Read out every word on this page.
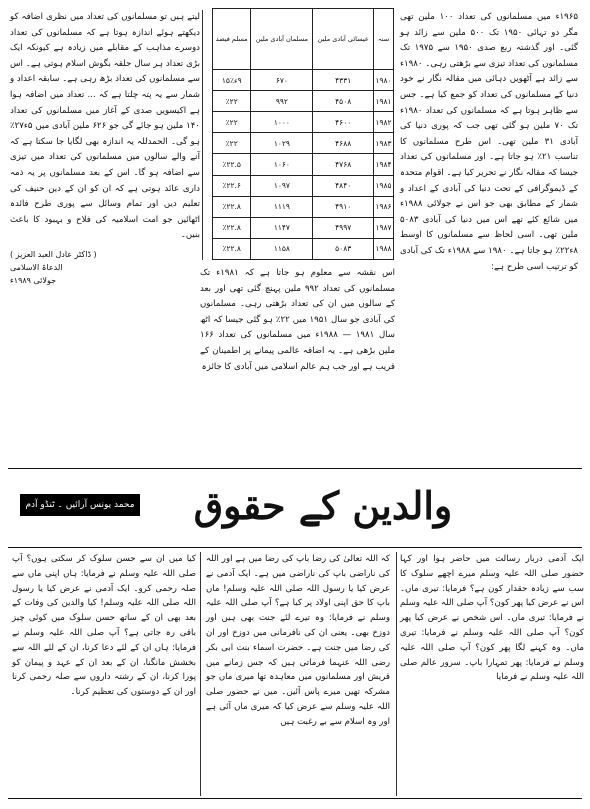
سنہ	عیسائی آبادی ملین	مسلمان آبادی ملین	مسلم فیصد
۱۹۸۰	۴۳۳۱	۶۷۰	۹ء٪۱۵
۱۹۸۱	۴۵۰۸	۹۹۲	٪۲۲
۱۹۸۲	۴۶۰۰	۱۰۰۰	٪۲۲
۱۹۸۳	۴۶۸۸	۱۰۲۹	٪۲۲
۱۹۸۴	۴۷۶۸	۱۰۶۰	٪۲۲.۵
۱۹۸۵	۴۸۴۰	۱۰۹۷	٪۲۲.۶
۱۹۸۶	۴۹۱۰	۱۱۱۹	٪۲۲.۸
۱۹۸۷	۴۹۹۷	۱۱۴۷	٪۲۲.۸
۱۹۸۸	۵۰۸۳	۱۱۵۸	٪۲۲.۸

۱۹۶۵ء میں مسلمانوں کی تعداد ۱۰۰ ملین تھی مگر دو تہائی ۱۹۵۰ تک ۵۰۰ ملین سے زائد ہو گئی۔ اور گذشتہ ربع صدی ۱۹۵۰ سے ۱۹۷۵ تک مسلمانوں کی تعداد تیزی سے بڑھتی رہی۔ ۱۹۸۰ء سے زائد ہے آٹھویں دہائی میں مقالہ نگار نے خود دنیا کے مسلمانوں کی تعداد کو جمع کیا ہے۔ جس سے ظاہر ہوتا ہے کہ مسلمانوں کی تعداد ۱۹۸۰ء تک ۷۰ ملین ہو گئی تھی جب کہ پوری دنیا کی آبادی ۳۱ ملین تھی۔ اس طرح مسلمانوں کا تناسب ۲۱٪ ہو جاتا ہے۔ اور مسلمانوں کی تعداد جیسا کہ مقالہ نگار نے تحریر کیا ہے۔ اقوام متحدہ کے ڈیموگرافی کے تحت دنیا کی آبادی کے اعداد و شمار کے مطابق بھی جو اس نے جولائی ۱۹۸۸ء میں شائع کئے تھے اس میں دنیا کی آبادی ۵۰۸۳ ملین تھی۔ اسی لحاظ سے مسلمانوں کا اوسط ۸ء۲۲٪ ہو جاتا ہے۔ ۱۹۸۰ سے ۱۹۸۸ء تک کی آبادی کو ترتیب اسی طرح ہے:

اس نقشہ سے معلوم ہو جاتا ہے کہ ۱۹۸۱ء تک مسلمانوں کی تعداد ۹۹۲ ملین پہنچ گئی تھی اور بعد کے سالوں میں ان کی تعداد بڑھتی رہی۔ مسلمانوں کی آبادی جو سال ۱۹۵۱ میں ۲۲٪ ہو گئی جیسا کہ اٹھ سال ۱۹۸۱ — ۱۹۸۸ء میں مسلمانوں کی تعداد ۱۶۶ ملین بڑھی ہے۔ یہ اضافہ عالمی پیمانے پر اطمینان کے قریب ہے اور جب ہم عالم اسلامی میں آبادی کا جائزہ

لیتے ہیں تو مسلمانوں کی تعداد میں نظری اضافہ کو دیکھتے ہوئے اندازہ ہوتا ہے کہ مسلمانوں کی تعداد دوسرے مذاہب کے مقابلے میں زیادہ ہے کیونکہ ایک بڑی تعداد ہر سال حلقہ بگوش اسلام ہوتی ہے۔ اس سے مسلمانوں کی تعداد بڑھ رہی ہے۔ سابقہ اعداد و شمار سے یہ پتہ چلتا ہے کہ ... تعداد میں اضافہ ہوا ہے اکیسویں صدی کے آغاز میں مسلمانوں کی تعداد ۱۴۰ ملین ہو جائے گی جو ۶۲۶ ملین آبادی میں ۵ء۲۷٪ ہو گی۔ الحمدللہ یہ اندازہ بھی لگایا جا سکتا ہے کہ آنے والے سالوں میں مسلمانوں کی تعداد میں تیزی سے اضافہ ہو گا۔ اس کے بعد مسلمانوں پر یہ ذمہ داری عائد ہوتی ہے کہ ان کو ان کے دین حنیف کی تعلیم دیں اور تمام وسائل سے پوری طرح فائدہ اٹھائیں جو امت اسلامیہ کی فلاح و بہبود کا باعث بنیں۔

( ڈاکٹر عادل العبد العزیز )
الدعاۃ الاسلامی
جولائی ۱۹۸۹ء
محمد یونس آرائیں ۔ ٹنڈو آدم	والدین کے حقوق

ایک آدمی دربار رسالت میں حاضر ہوا اور کہا حضور صلی اللہ علیہ وسلم میرے اچھے سلوک کا سب سے زیادہ حقدار کون ہے؟ فرمایا: تیری ماں۔ اس نے عرض کیا پھر کون؟ آپ صلی اللہ علیہ وسلم نے فرمایا: تیری ماں۔ اس شخص نے عرض کیا پھر کون؟ آپ صلی اللہ علیہ وسلم نے فرمایا: تیری ماں۔ وہ کہنے لگا پھر کون؟ آپ صلی اللہ علیہ وسلم نے فرمایا: پھر تمہارا باپ۔ سرور عالم صلی اللہ علیہ وسلم نے فرمایا

کہ اللہ تعالیٰ کی رضا باپ کی رضا میں ہے اور اللہ کی ناراضی باپ کی ناراضی میں ہے۔ ایک آدمی نے عرض کیا یا رسول اللہ صلی اللہ علیہ وسلم! ماں باپ کا حق اپنی اولاد پر کیا ہے؟ آپ صلی اللہ علیہ وسلم نے فرمایا: وہ تیرے لئے جنت بھی ہیں اور دوزخ بھی۔ یعنی ان کی نافرمانی میں دوزخ اور ان کی رضا میں جنت ہے۔ حضرت اسماء بنت ابی بکر رضی اللہ عنہما فرماتی ہیں کہ جس زمانے میں قریش اور مسلمانوں میں معاہدہ تھا میری ماں جو مشرکہ تھیں میرے پاس آئیں۔ میں نے حضور صلی اللہ علیہ وسلم سے عرض کیا کہ میری ماں آئی ہے اور وہ اسلام سے بے رغبت ہیں

کیا میں ان سے حسن سلوک کر سکتی ہوں؟ آپ صلی اللہ علیہ وسلم نے فرمایا: ہاں اپنی ماں سے صلہ رحمی کرو۔ ایک آدمی نے عرض کیا یا رسول اللہ صلی اللہ علیہ وسلم! کیا والدین کی وفات کے بعد بھی ان کے ساتھ حسن سلوک میں کوئی چیز باقی رہ جاتی ہے؟ آپ صلی اللہ علیہ وسلم نے فرمایا: ہاں ان کے لئے دعا کرنا، ان کے لئے اللہ سے بخشش مانگنا، ان کے بعد ان کے عہد و پیمان کو پورا کرنا، ان کے رشتہ داروں سے صلہ رحمی کرنا اور ان کے دوستوں کی تعظیم کرنا۔
